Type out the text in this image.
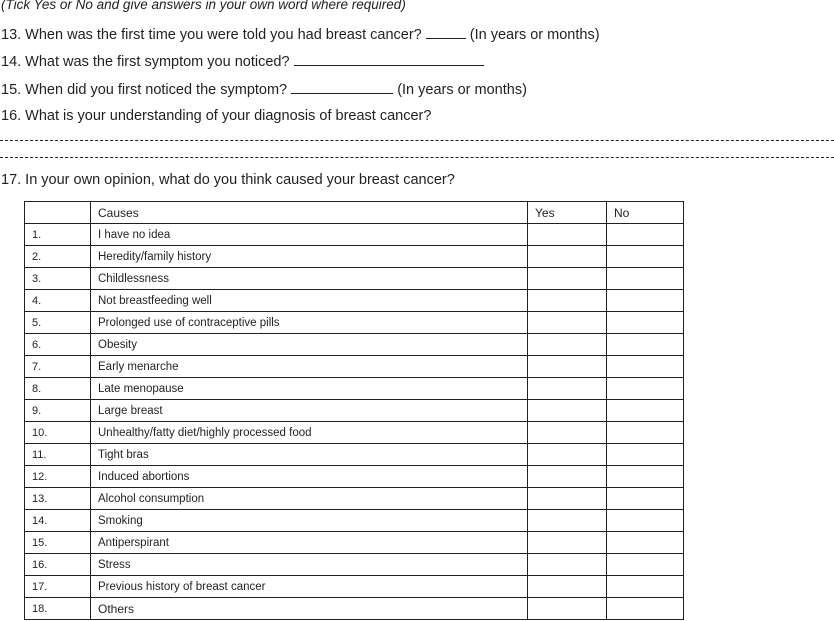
(Tick Yes or No and give answers in your own word where required)
13. When was the first time you were told you had breast cancer?	(In years or months)
14. What was the first symptom you noticed?
15. When did you first noticed the symptom?	(In years or months)
16. What is your understanding of your diagnosis of breast cancer?
17. In your own opinion, what do you think caused your breast cancer?
	Causes	Yes	No
1.	I have no idea		
2.	Heredity/family history		
3.	Childlessness		
4.	Not breastfeeding well		
5.	Prolonged use of contraceptive pills		
6.	Obesity		
7.	Early menarche		
8.	Late menopause		
9.	Large breast		
10.	Unhealthy/fatty diet/highly processed food		
11.	Tight bras		
12.	Induced abortions		
13.	Alcohol consumption		
14.	Smoking		
15.	Antiperspirant		
16.	Stress		
17.	Previous history of breast cancer		
18.	Others		
